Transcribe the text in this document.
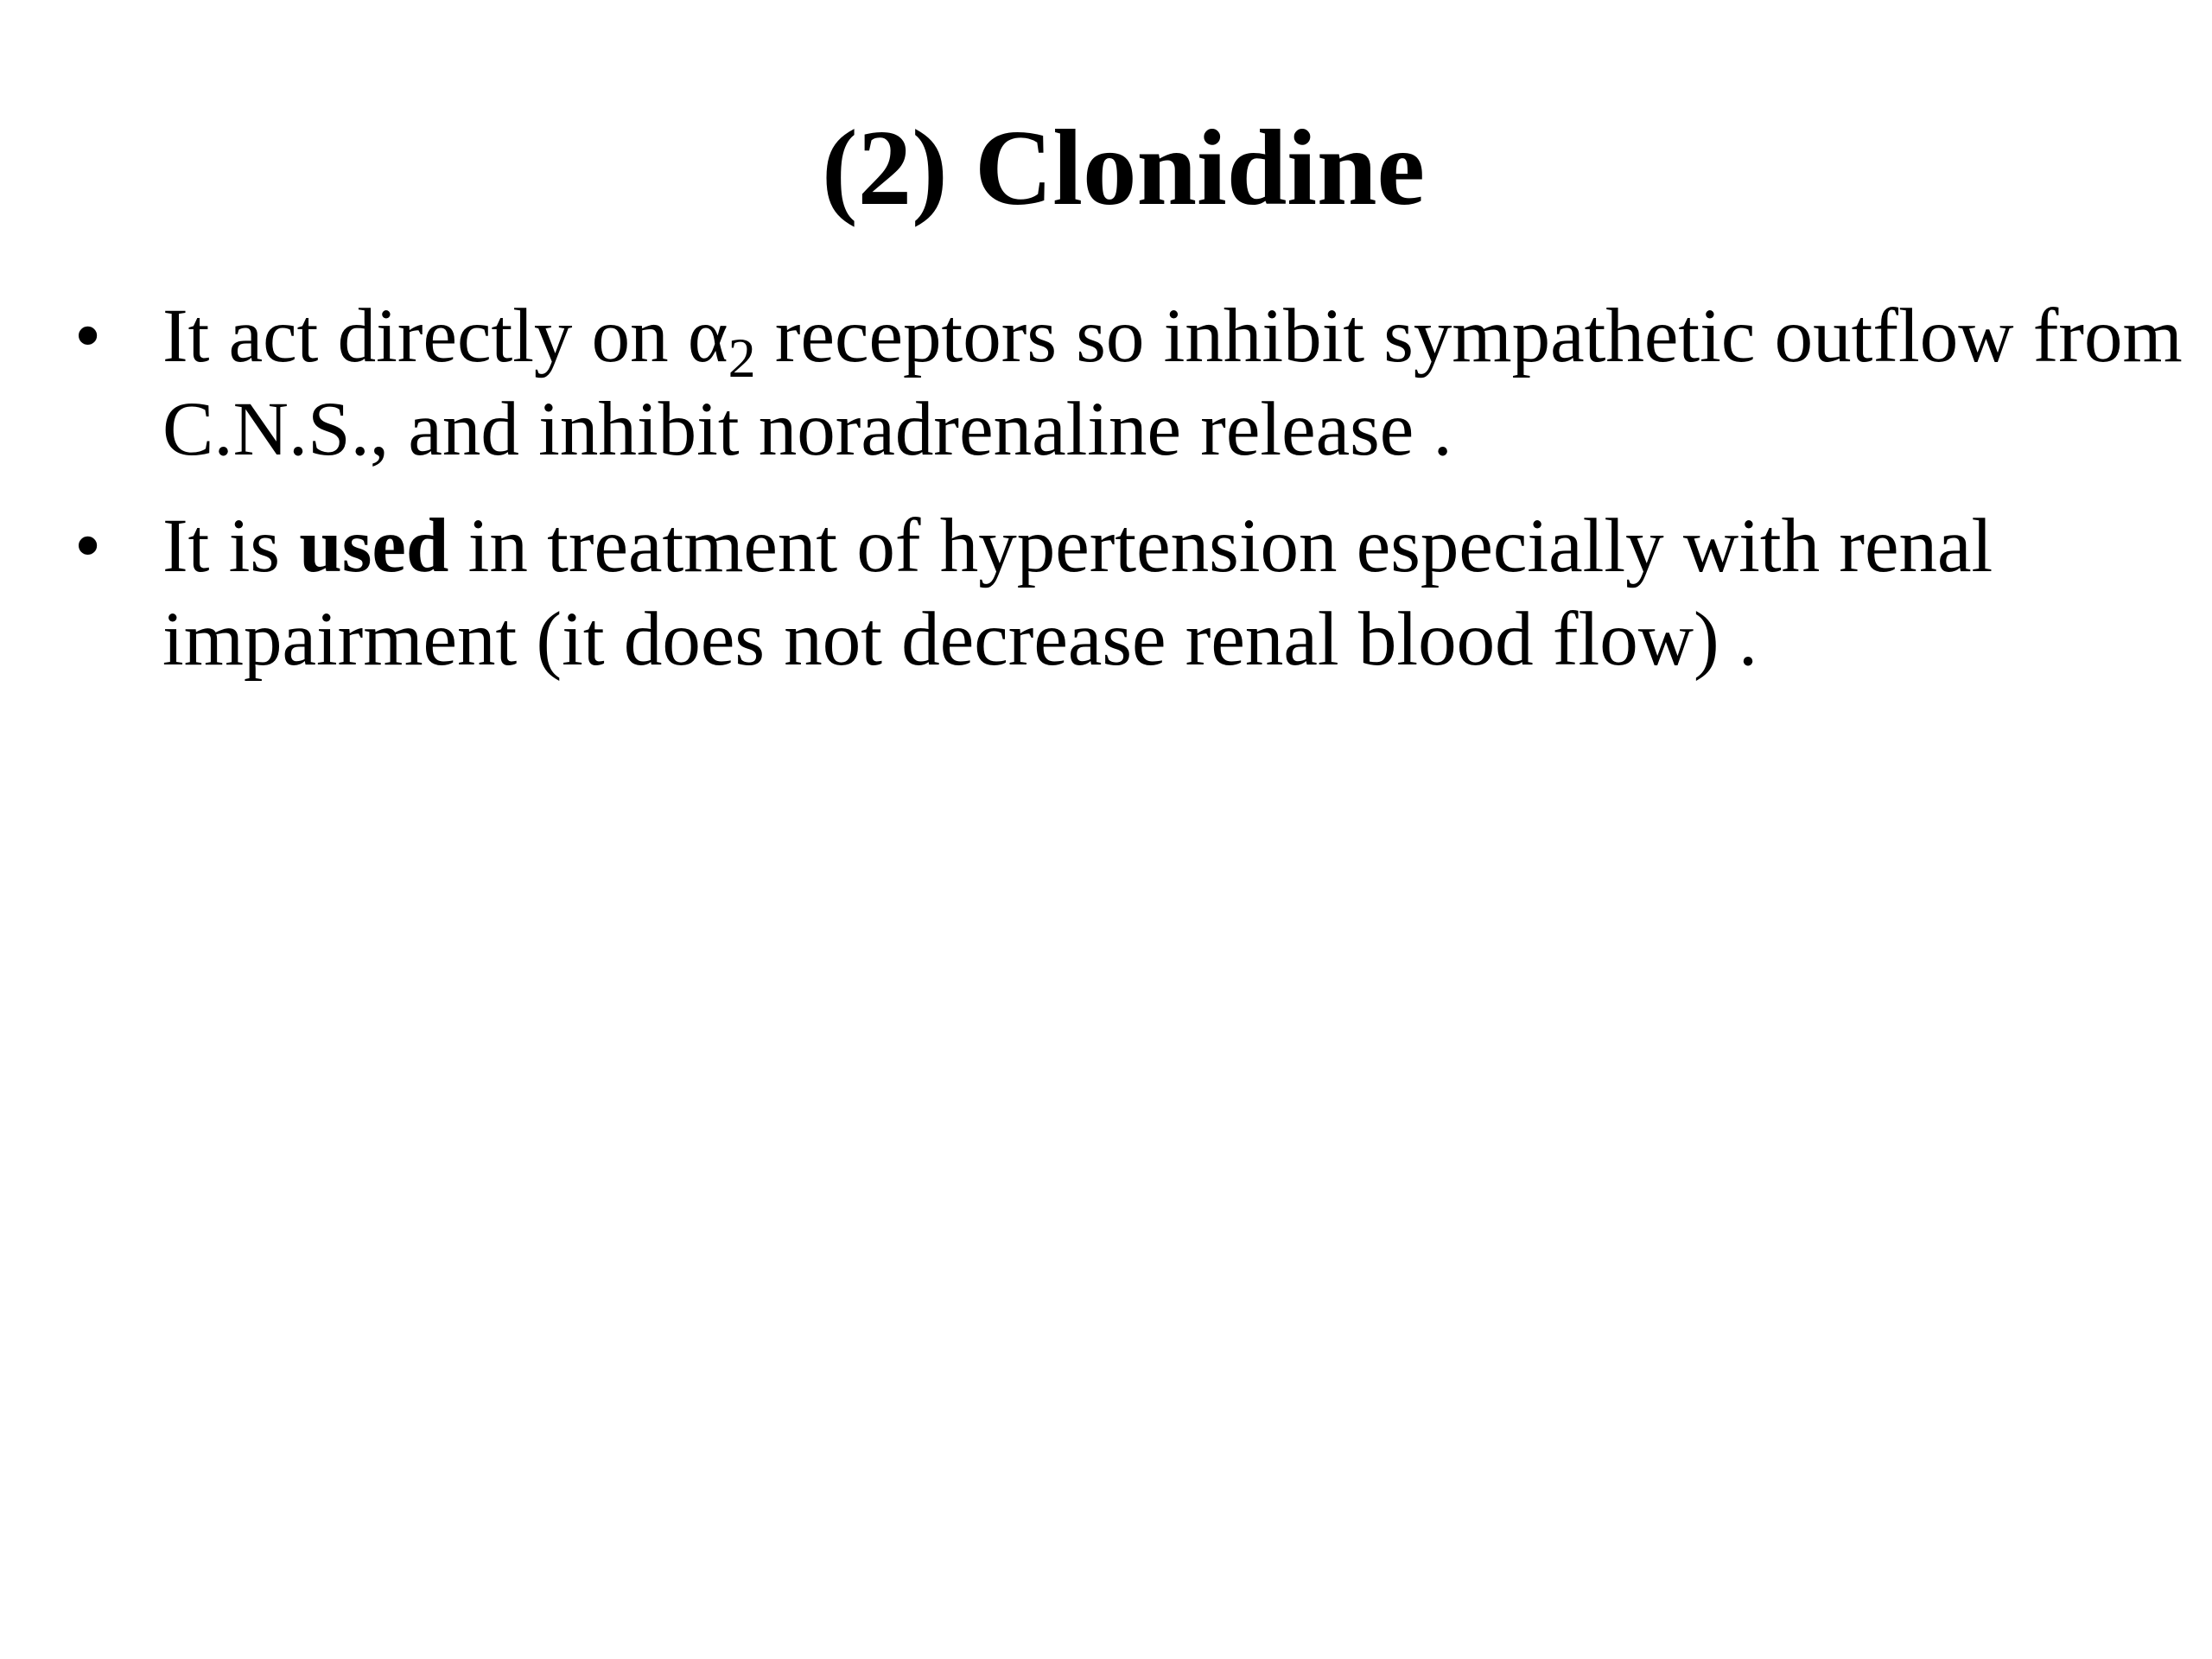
(2) Clonidine
• It act directly on $\alpha_2$ receptors so inhibit sympathetic outflow from C.N.S., and inhibit noradrenaline release .
• It is used in treatment of hypertension especially with renal impairment (it does not decrease renal blood flow) .
